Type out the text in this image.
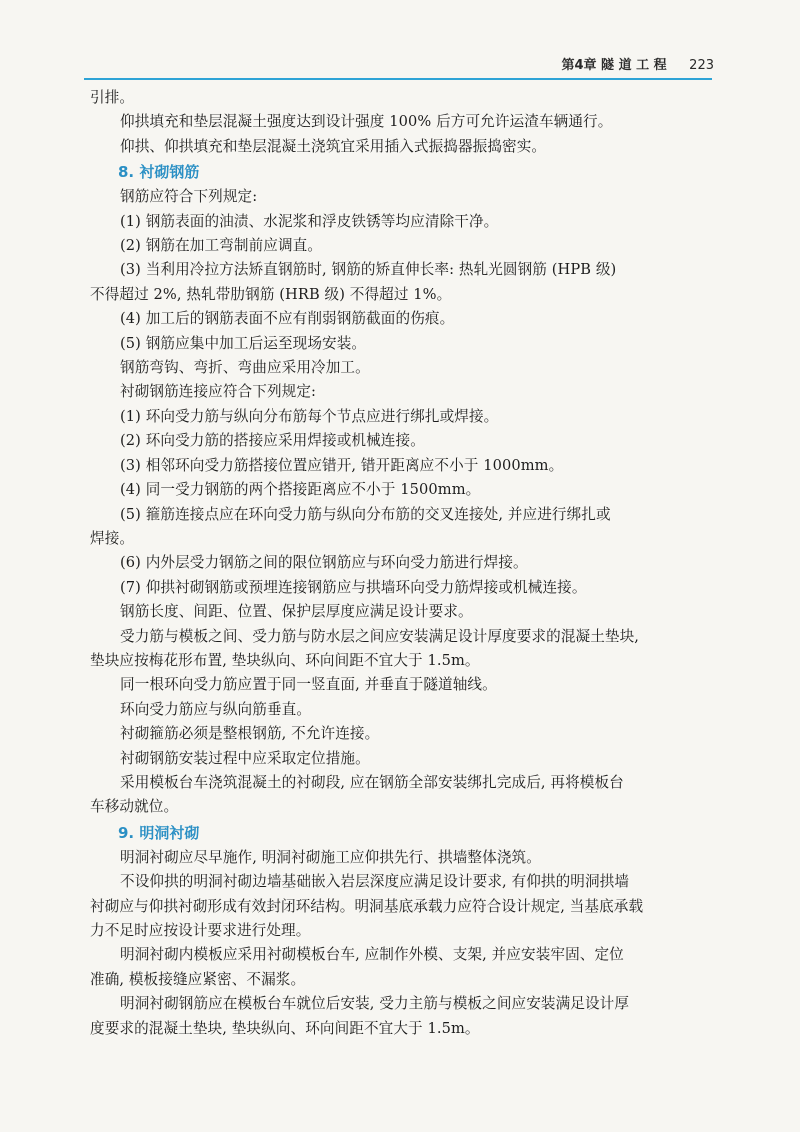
第4章 隧 道 工 程 223
引排。
仰拱填充和垫层混凝土强度达到设计强度 100% 后方可允许运渣车辆通行。
仰拱、仰拱填充和垫层混凝土浇筑宜采用插入式振捣器振捣密实。
8. 衬砌钢筋
钢筋应符合下列规定:
(1) 钢筋表面的油渍、水泥浆和浮皮铁锈等均应清除干净。
(2) 钢筋在加工弯制前应调直。
(3) 当利用冷拉方法矫直钢筋时, 钢筋的矫直伸长率: 热轧光圆钢筋 (HPB 级)
不得超过 2%, 热轧带肋钢筋 (HRB 级) 不得超过 1%。
(4) 加工后的钢筋表面不应有削弱钢筋截面的伤痕。
(5) 钢筋应集中加工后运至现场安装。
钢筋弯钩、弯折、弯曲应采用冷加工。
衬砌钢筋连接应符合下列规定:
(1) 环向受力筋与纵向分布筋每个节点应进行绑扎或焊接。
(2) 环向受力筋的搭接应采用焊接或机械连接。
(3) 相邻环向受力筋搭接位置应错开, 错开距离应不小于 1000mm。
(4) 同一受力钢筋的两个搭接距离应不小于 1500mm。
(5) 箍筋连接点应在环向受力筋与纵向分布筋的交叉连接处, 并应进行绑扎或
焊接。
(6) 内外层受力钢筋之间的限位钢筋应与环向受力筋进行焊接。
(7) 仰拱衬砌钢筋或预埋连接钢筋应与拱墙环向受力筋焊接或机械连接。
钢筋长度、间距、位置、保护层厚度应满足设计要求。
受力筋与模板之间、受力筋与防水层之间应安装满足设计厚度要求的混凝土垫块,
垫块应按梅花形布置, 垫块纵向、环向间距不宜大于 1.5m。
同一根环向受力筋应置于同一竖直面, 并垂直于隧道轴线。
环向受力筋应与纵向筋垂直。
衬砌箍筋必须是整根钢筋, 不允许连接。
衬砌钢筋安装过程中应采取定位措施。
采用模板台车浇筑混凝土的衬砌段, 应在钢筋全部安装绑扎完成后, 再将模板台
车移动就位。
9. 明洞衬砌
明洞衬砌应尽早施作, 明洞衬砌施工应仰拱先行、拱墙整体浇筑。
不设仰拱的明洞衬砌边墙基础嵌入岩层深度应满足设计要求, 有仰拱的明洞拱墙
衬砌应与仰拱衬砌形成有效封闭环结构。明洞基底承载力应符合设计规定, 当基底承载
力不足时应按设计要求进行处理。
明洞衬砌内模板应采用衬砌模板台车, 应制作外模、支架, 并应安装牢固、定位
准确, 模板接缝应紧密、不漏浆。
明洞衬砌钢筋应在模板台车就位后安装, 受力主筋与模板之间应安装满足设计厚
度要求的混凝土垫块, 垫块纵向、环向间距不宜大于 1.5m。
